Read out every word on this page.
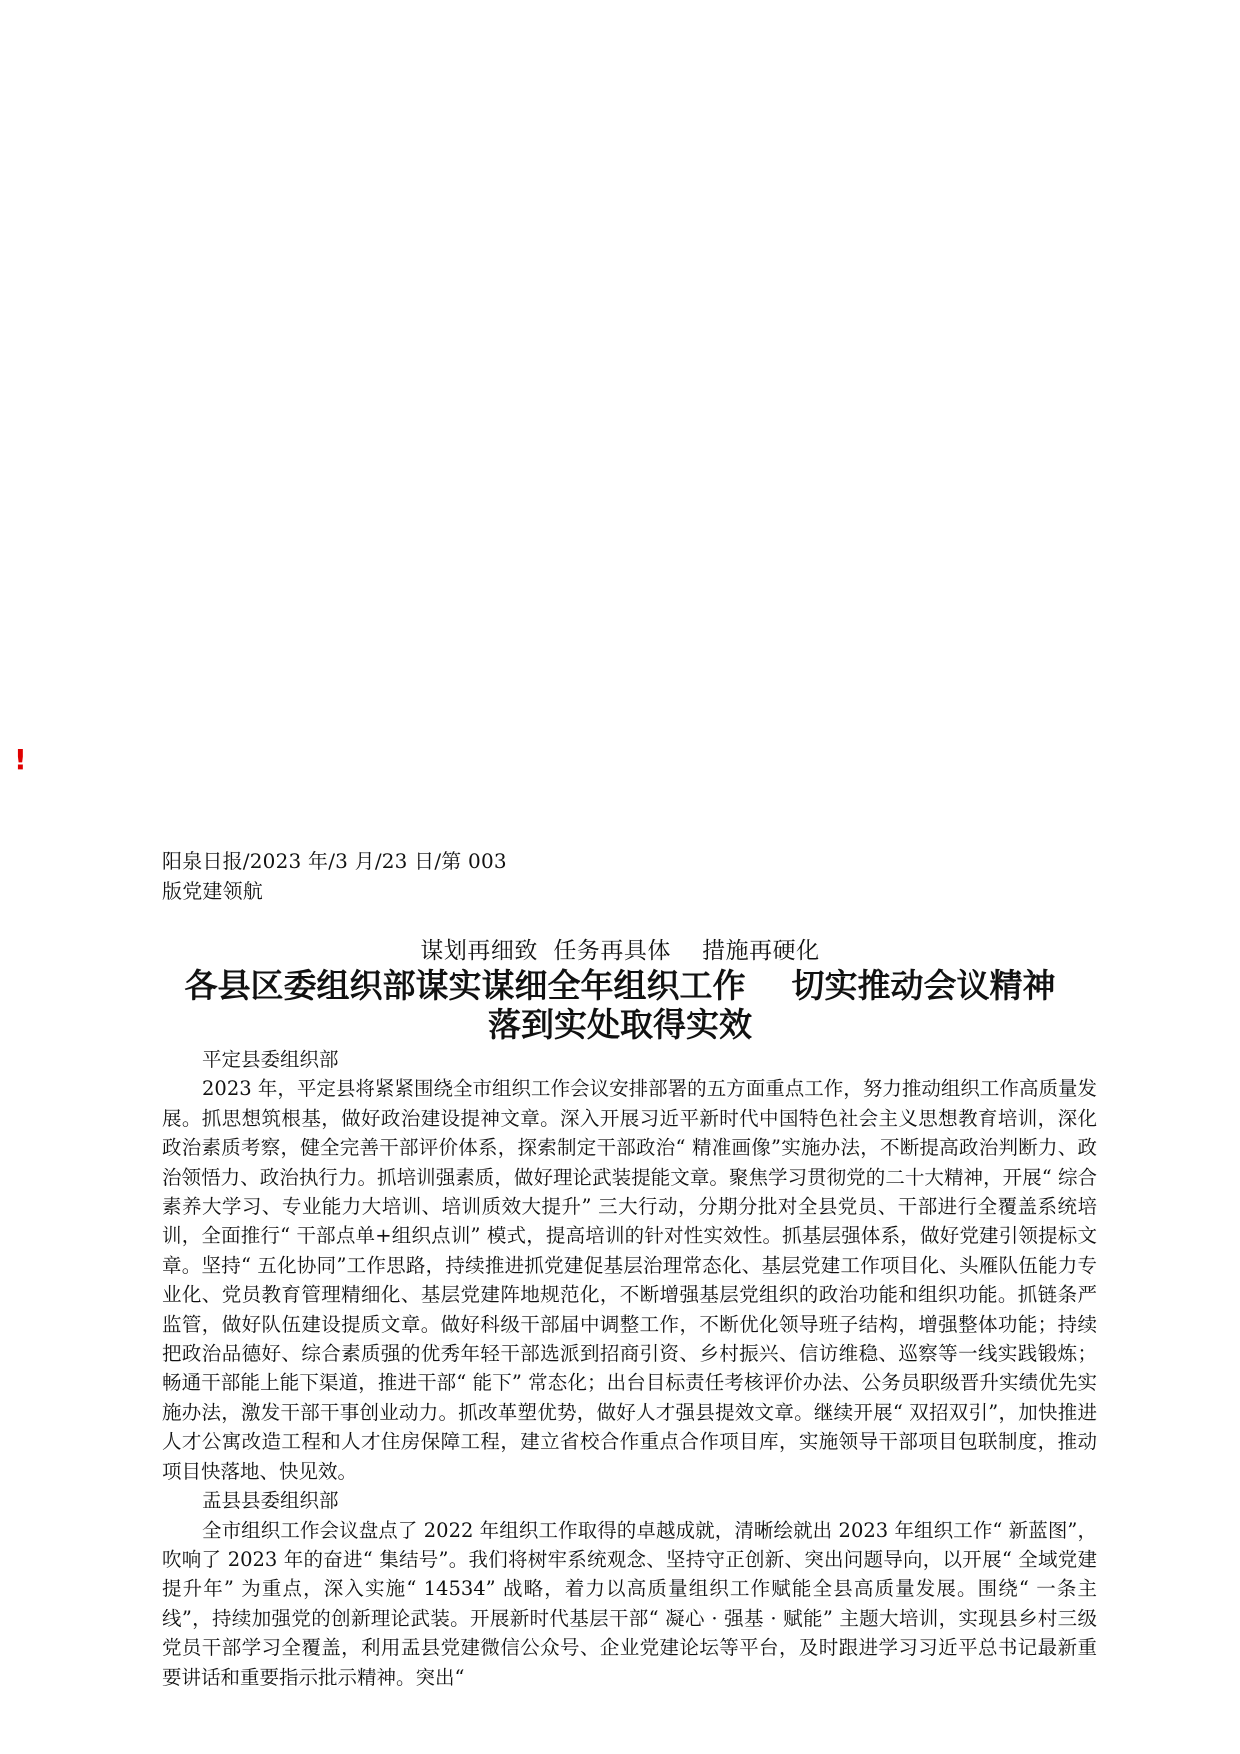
!
阳泉日报/2023 年/3 月/23 日/第 003
版党建领航
谋划再细致  任务再具体    措施再硬化
各县区委组织部谋实谋细全年组织工作    切实推动会议精神
落到实处取得实效

平定县委组织部

2023 年，平定县将紧紧围绕全市组织工作会议安排部署的五方面重点工作，努力推动组织工作高质量发展。抓思想筑根基，做好政治建设提神文章。深入开展习近平新时代中国特色社会主义思想教育培训，深化政治素质考察，健全完善干部评价体系，探索制定干部政治“ 精准画像”实施办法，不断提高政治判断力、政治领悟力、政治执行力。抓培训强素质，做好理论武装提能文章。聚焦学习贯彻党的二十大精神，开展“ 综合素养大学习、专业能力大培训、培训质效大提升” 三大行动，分期分批对全县党员、干部进行全覆盖系统培训，全面推行“ 干部点单+组织点训” 模式，提高培训的针对性实效性。抓基层强体系，做好党建引领提标文章。坚持“ 五化协同”工作思路，持续推进抓党建促基层治理常态化、基层党建工作项目化、头雁队伍能力专业化、党员教育管理精细化、基层党建阵地规范化，不断增强基层党组织的政治功能和组织功能。抓链条严监管，做好队伍建设提质文章。做好科级干部届中调整工作，不断优化领导班子结构，增强整体功能；持续把政治品德好、综合素质强的优秀年轻干部选派到招商引资、乡村振兴、信访维稳、巡察等一线实践锻炼；畅通干部能上能下渠道，推进干部“ 能下” 常态化；出台目标责任考核评价办法、公务员职级晋升实绩优先实施办法，激发干部干事创业动力。抓改革塑优势，做好人才强县提效文章。继续开展“ 双招双引”，加快推进人才公寓改造工程和人才住房保障工程，建立省校合作重点合作项目库，实施领导干部项目包联制度，推动项目快落地、快见效。

盂县县委组织部

全市组织工作会议盘点了 2022 年组织工作取得的卓越成就，清晰绘就出 2023 年组织工作“ 新蓝图”，吹响了 2023 年的奋进“ 集结号”。我们将树牢系统观念、坚持守正创新、突出问题导向，以开展“ 全域党建提升年” 为重点，深入实施“ 14534” 战略，着力以高质量组织工作赋能全县高质量发展。围绕“ 一条主线”，持续加强党的创新理论武装。开展新时代基层干部“ 凝心 · 强基 · 赋能” 主题大培训，实现县乡村三级党员干部学习全覆盖，利用盂县党建微信公众号、企业党建论坛等平台，及时跟进学习习近平总书记最新重要讲话和重要指示批示精神。突出“
